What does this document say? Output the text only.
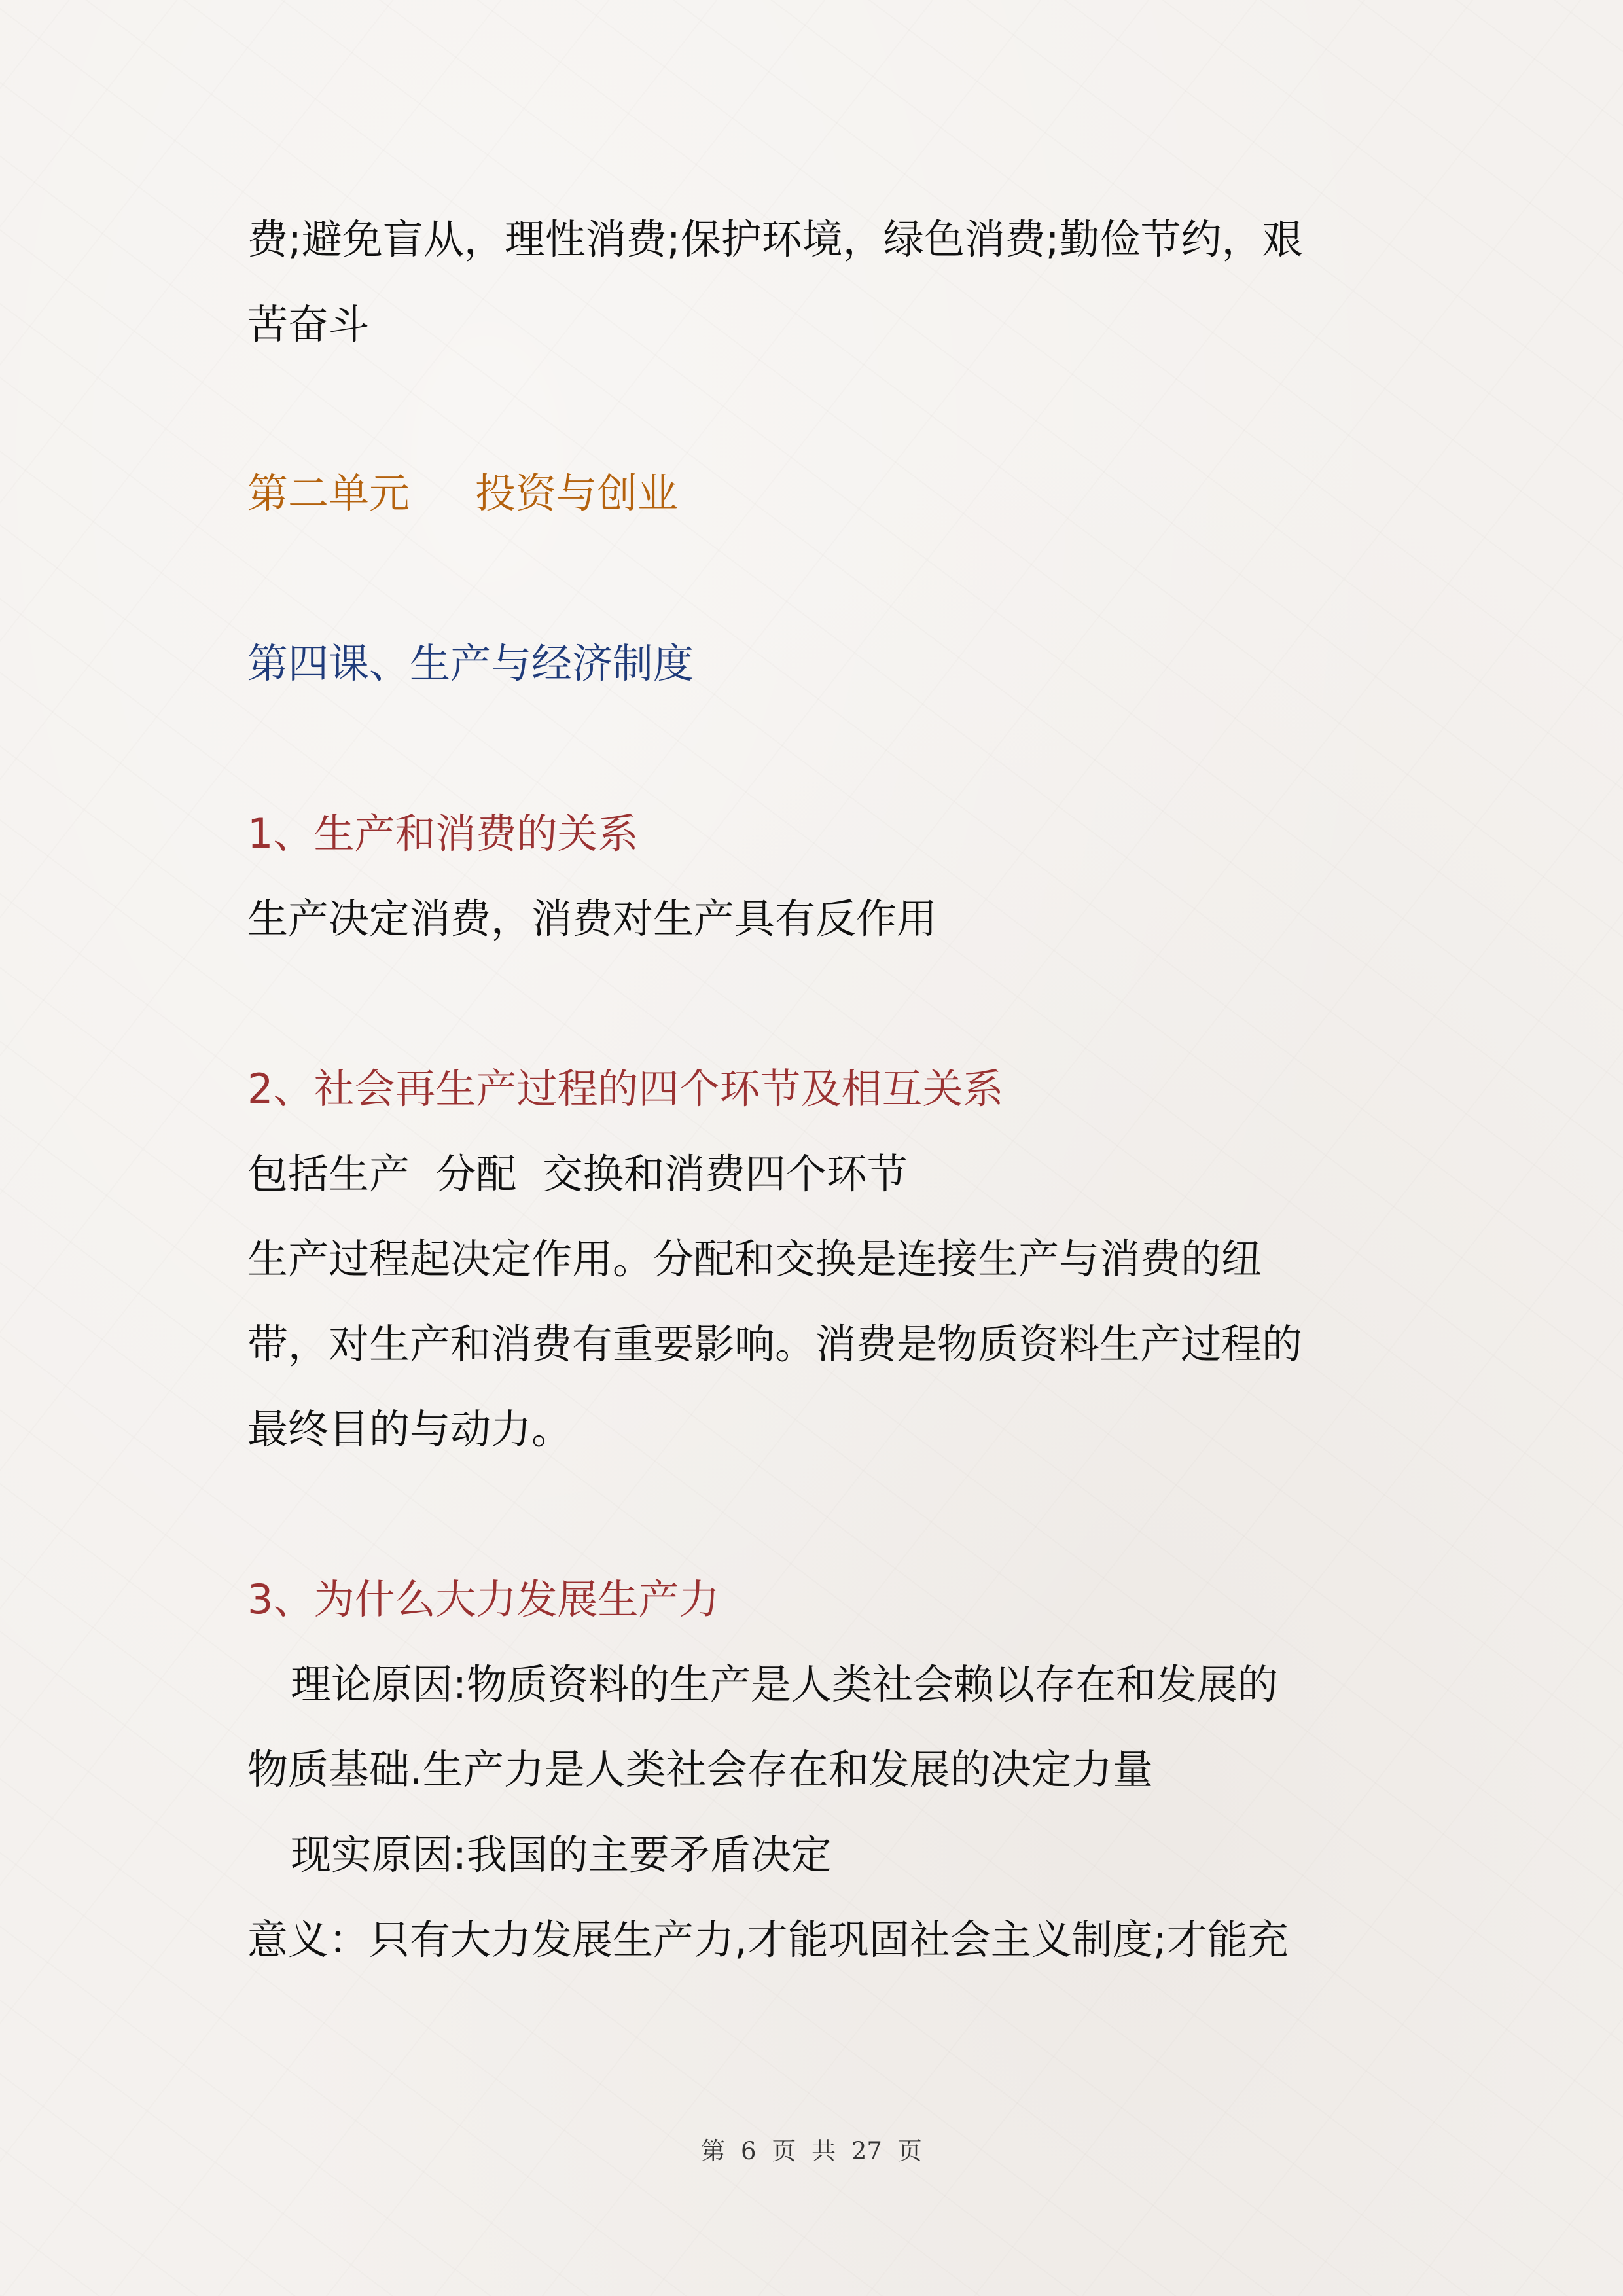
费;避免盲从，理性消费;保护环境，绿色消费;勤俭节约，艰

苦奋斗

第二单元 投资与创业

第四课、生产与经济制度

1、生产和消费的关系

生产决定消费，消费对生产具有反作用

2、社会再生产过程的四个环节及相互关系

包括生产  分配  交换和消费四个环节

生产过程起决定作用。分配和交换是连接生产与消费的纽

带，对生产和消费有重要影响。消费是物质资料生产过程的

最终目的与动力。

3、为什么大力发展生产力

理论原因:物质资料的生产是人类社会赖以存在和发展的

物质基础.生产力是人类社会存在和发展的决定力量

现实原因:我国的主要矛盾决定

意义：只有大力发展生产力,才能巩固社会主义制度;才能充

第 6 页 共 27 页
